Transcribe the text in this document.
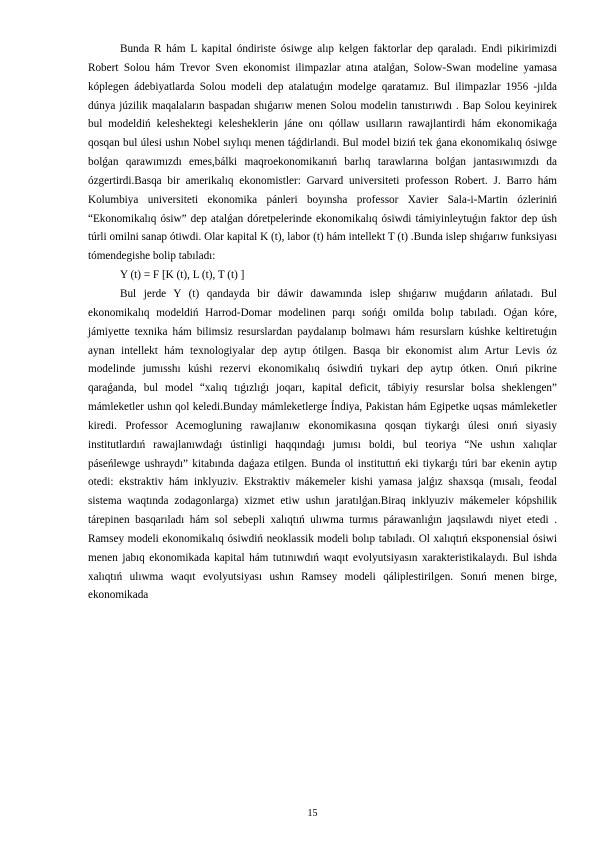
Bunda R hám L kapital óndiriste ósiwge alıp kelgen faktorlar dep qaraladı. Endi pikirimizdi Robert Solou hám Trevor Sven ekonomist ilimpazlar atına atalǵan, Solow-Swan modeline yamasa kóplegen ádebiyatlarda Solou modeli dep atalatuǵın modelge qaratamız. Bul ilimpazlar 1956 -jılda dúnya júzilik maqalaların baspadan shıǵarıw menen Solou modelin tanıstırıwdı . Bap Solou keyinirek bul modeldiń keleshektegi kelesheklerin jáne onı qóllaw usılların rawajlantirdi hám ekonomikaǵa qosqan bul úlesi ushın Nobel sıylıqı menen táǵdirlandi. Bul model biziń tek ǵana ekonomikalıq ósiwge bolǵan qarawımızdı emes,bálki maqroekonomikanıń barlıq tarawlarına bolǵan jantasıwımızdı da ózgertirdi.Basqa bir amerikalıq ekonomistler: Garvard universiteti professon Robert. J. Barro hám Kolumbiya universiteti ekonomika pánleri boyınsha professor Xavier Sala-i-Martin ózleriniń “Ekonomikalıq ósiw” dep atalǵan dóretpelerinde ekonomikalıq ósiwdi támiyinleytuǵın faktor dep úsh túrli omilni sanap ótiwdi. Olar kapital K (t), labor (t) hám intellekt T (t) .Bunda islep shıǵarıw funksiyası tómendegishe bolip tabıladı:

Y (t) = F [K (t), L (t), T (t) ]

Bul jerde Y (t) qandayda bir dáwir dawamında islep shıǵarıw muǵdarın ańlatadı. Bul ekonomikalıq modeldiń Harrod-Domar modelinen parqı sońǵı omilda bolıp tabıladı. Oǵan kóre, jámiyette texnika hám bilimsiz resurslardan paydalanıp bolmawı hám resurslarn kúshke keltiretuǵın aynan intellekt hám texnologiyalar dep aytıp ótilgen. Basqa bir ekonomist alım Artur Levis óz modelinde jumısshı kúshi rezervi ekonomikalıq ósiwdiń tıykari dep aytıp ótken. Onıń pikrine qaraǵanda, bul model “xalıq tıǵızlıǵı joqarı, kapital deficit, tábiyiy resurslar bolsa sheklengen” mámleketler ushın qol keledi.Bunday mámleketlerge Índiya, Pakistan hám Egipetke uqsas mámleketler kiredi. Professor Acemogluning rawajlanıw ekonomikasına qosqan tiykarǵı úlesi onıń siyasiy institutlardıń rawajlanıwdaǵı ústinligi haqqındaǵı jumısı boldi, bul teoriya “Ne ushın xalıqlar páseńlewge ushraydı” kitabında daǵaza etilgen. Bunda ol instituttıń eki tiykarǵı túri bar ekenin aytıp otedi: ekstraktiv hám inklyuziv. Ekstraktiv mákemeler kishi yamasa jalǵız shaxsqa (mısalı, feodal sistema waqtında zodagonlarga) xizmet etiw ushın jaratılǵan.Biraq inklyuziv mákemeler kópshilik tárepinen basqarıladı hám sol sebepli xalıqtıń ulıwma turmıs párawanlıǵın jaqsılawdı niyet etedi . Ramsey modeli ekonomikalıq ósiwdiń neoklassik modeli bolıp tabıladı. Ol xalıqtıń eksponensial ósiwi menen jabıq ekonomikada kapital hám tutınıwdıń waqıt evolyutsiyasın xarakteristikalaydı. Bul ishda xalıqtıń ulıwma waqıt evolyutsiyası ushın Ramsey modeli qáliplestirilgen. Sonıń menen birge, ekonomikada

15
